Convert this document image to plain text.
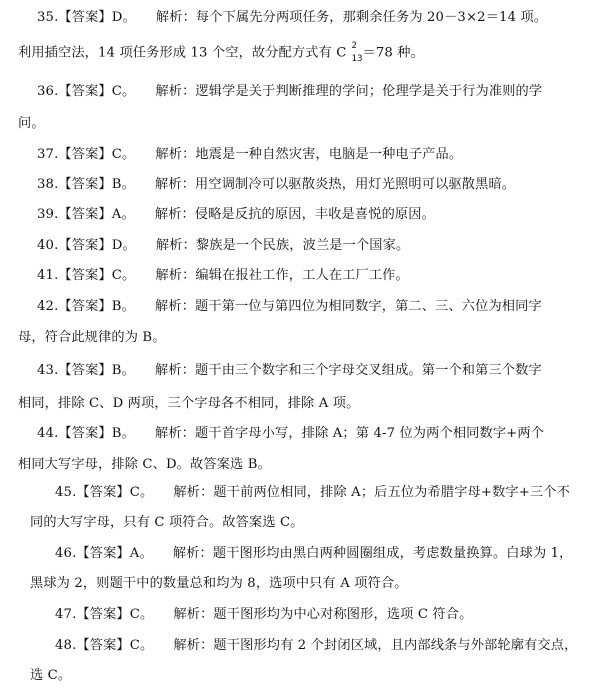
35.【答案】D。　　解析：每个下属先分两项任务，那剩余任务为 20－3×2＝14 项。
利用插空法，14 项任务形成 13 个空，故分配方式有 C 2
13 ＝78 种。
36.【答案】C。　　解析：逻辑学是关于判断推理的学问；伦理学是关于行为准则的学
问。
37.【答案】C。　　解析：地震是一种自然灾害，电脑是一种电子产品。
38.【答案】B。　　解析：用空调制冷可以驱散炎热，用灯光照明可以驱散黑暗。
39.【答案】A。　　解析：侵略是反抗的原因，丰收是喜悦的原因。
40.【答案】D。　　解析：黎族是一个民族，波兰是一个国家。
41.【答案】C。　　解析：编辑在报社工作，工人在工厂工作。
42.【答案】B。　　解析：题干第一位与第四位为相同数字，第二、三、六位为相同字
母，符合此规律的为 B。
43.【答案】B。　　解析：题干由三个数字和三个字母交叉组成。第一个和第三个数字
相同，排除 C、D 两项，三个字母各不相同，排除 A 项。
44.【答案】B。　　解析：题干首字母小写，排除 A；第 4-7 位为两个相同数字+两个
相同大写字母，排除 C、D。故答案选 B。
45.【答案】C。　　解析：题干前两位相同，排除 A；后五位为希腊字母+数字+三个不
同的大写字母，只有 C 项符合。故答案选 C。
46.【答案】A。　　解析：题干图形均由黑白两种圆圈组成，考虑数量换算。白球为 1，
黑球为 2，则题干中的数量总和均为 8，选项中只有 A 项符合。
47.【答案】C。　　解析：题干图形均为中心对称图形，选项 C 符合。
48.【答案】C。　　解析：题干图形均有 2 个封闭区域，且内部线条与外部轮廓有交点，
选 C。
